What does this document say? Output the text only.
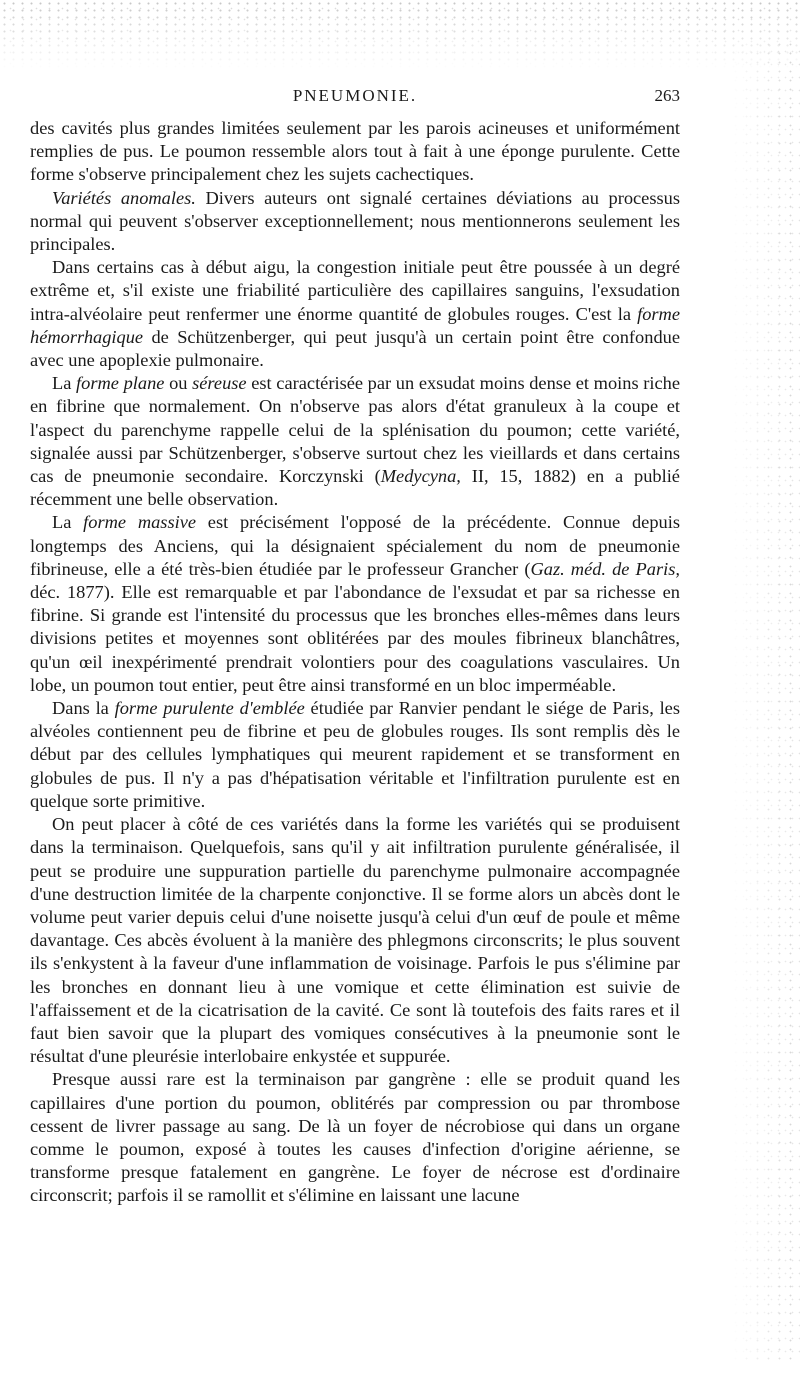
PNEUMONIE.	263

des cavités plus grandes limitées seulement par les parois acineuses et uniformément remplies de pus. Le poumon ressemble alors tout à fait à une éponge purulente. Cette forme s'observe principalement chez les sujets cachectiques.

Variétés anomales. Divers auteurs ont signalé certaines déviations au processus normal qui peuvent s'observer exceptionnellement; nous mentionnerons seulement les principales.

Dans certains cas à début aigu, la congestion initiale peut être poussée à un degré extrême et, s'il existe une friabilité particulière des capillaires sanguins, l'exsudation intra-alvéolaire peut renfermer une énorme quantité de globules rouges. C'est la forme hémorrhagique de Schützenberger, qui peut jusqu'à un certain point être confondue avec une apoplexie pulmonaire.

La forme plane ou séreuse est caractérisée par un exsudat moins dense et moins riche en fibrine que normalement. On n'observe pas alors d'état granuleux à la coupe et l'aspect du parenchyme rappelle celui de la splénisation du poumon; cette variété, signalée aussi par Schützenberger, s'observe surtout chez les vieillards et dans certains cas de pneumonie secondaire. Korczynski (Medycyna, II, 15, 1882) en a publié récemment une belle observation.

La forme massive est précisément l'opposé de la précédente. Connue depuis longtemps des Anciens, qui la désignaient spécialement du nom de pneumonie fibrineuse, elle a été très-bien étudiée par le professeur Grancher (Gaz. méd. de Paris, déc. 1877). Elle est remarquable et par l'abondance de l'exsudat et par sa richesse en fibrine. Si grande est l'intensité du processus que les bronches elles-mêmes dans leurs divisions petites et moyennes sont oblitérées par des moules fibrineux blanchâtres, qu'un œil inexpérimenté prendrait volontiers pour des coagulations vasculaires. Un lobe, un poumon tout entier, peut être ainsi transformé en un bloc imperméable.

Dans la forme purulente d'emblée étudiée par Ranvier pendant le siége de Paris, les alvéoles contiennent peu de fibrine et peu de globules rouges. Ils sont remplis dès le début par des cellules lymphatiques qui meurent rapidement et se transforment en globules de pus. Il n'y a pas d'hépatisation véritable et l'infiltration purulente est en quelque sorte primitive.

On peut placer à côté de ces variétés dans la forme les variétés qui se produisent dans la terminaison. Quelquefois, sans qu'il y ait infiltration purulente généralisée, il peut se produire une suppuration partielle du parenchyme pulmonaire accompagnée d'une destruction limitée de la charpente conjonctive. Il se forme alors un abcès dont le volume peut varier depuis celui d'une noisette jusqu'à celui d'un œuf de poule et même davantage. Ces abcès évoluent à la manière des phlegmons circonscrits; le plus souvent ils s'enkystent à la faveur d'une inflammation de voisinage. Parfois le pus s'élimine par les bronches en donnant lieu à une vomique et cette élimination est suivie de l'affaissement et de la cicatrisation de la cavité. Ce sont là toutefois des faits rares et il faut bien savoir que la plupart des vomiques consécutives à la pneumonie sont le résultat d'une pleurésie interlobaire enkystée et suppurée.

Presque aussi rare est la terminaison par gangrène : elle se produit quand les capillaires d'une portion du poumon, oblitérés par compression ou par thrombose cessent de livrer passage au sang. De là un foyer de nécrobiose qui dans un organe comme le poumon, exposé à toutes les causes d'infection d'origine aérienne, se transforme presque fatalement en gangrène. Le foyer de nécrose est d'ordinaire circonscrit; parfois il se ramollit et s'élimine en laissant une lacune
